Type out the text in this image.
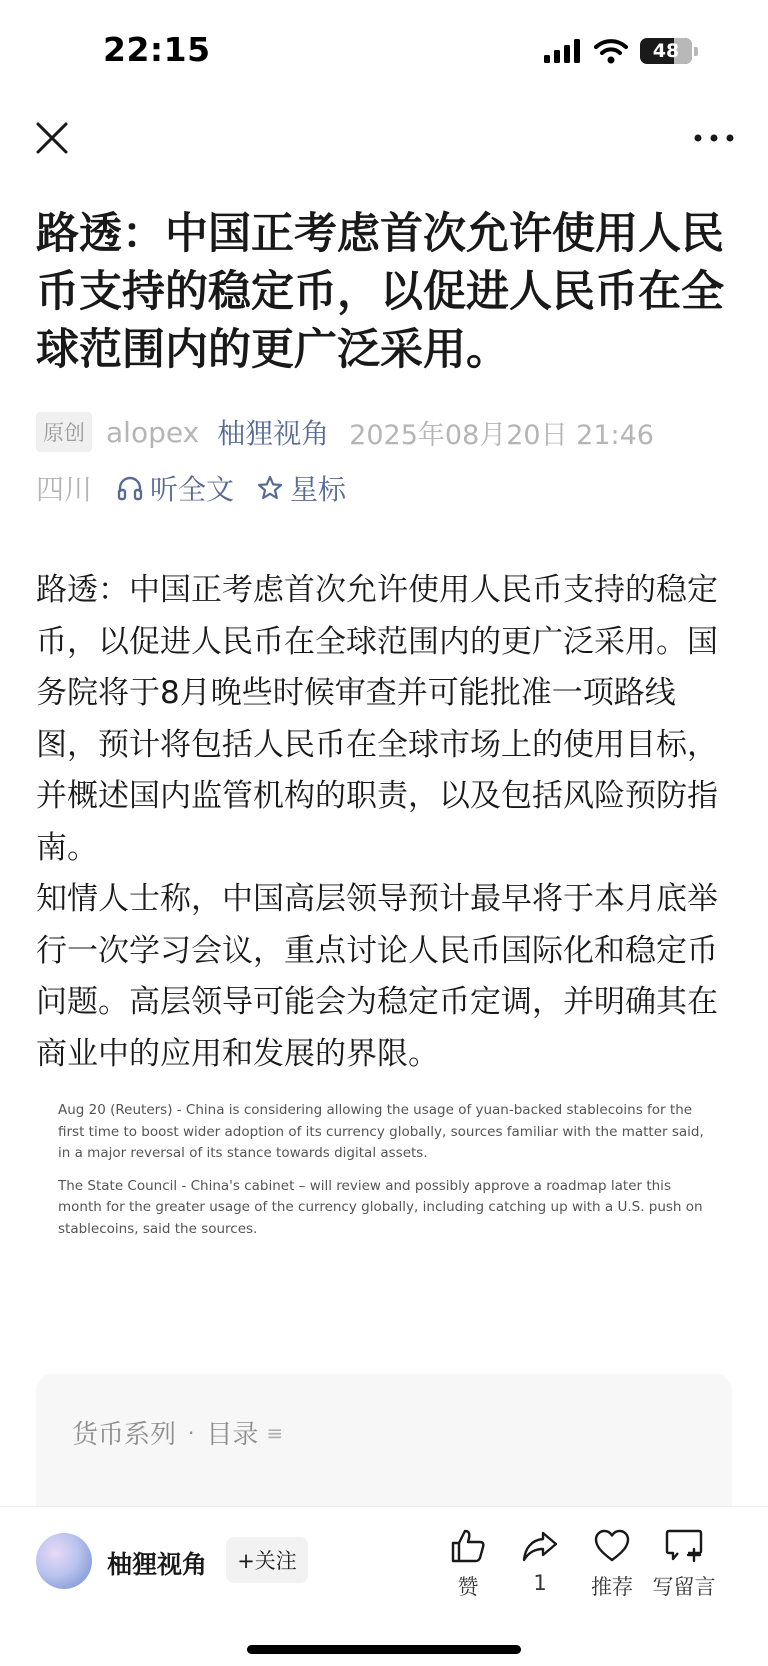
22:15	48
路透：中国正考虑首次允许使用人民币支持的稳定币，以促进人民币在全球范围内的更广泛采用。
原创 alopex 柚狸视角 2025年08月20日 21:46
四川 听全文 星标

路透：中国正考虑首次允许使用人民币支持的稳定币，以促进人民币在全球范围内的更广泛采用。国务院将于8月晚些时候审查并可能批准一项路线图，预计将包括人民币在全球市场上的使用目标，并概述国内监管机构的职责，以及包括风险预防指南。

知情人士称，中国高层领导预计最早将于本月底举行一次学习会议，重点讨论人民币国际化和稳定币问题。高层领导可能会为稳定币定调，并明确其在商业中的应用和发展的界限。

Aug 20 (Reuters) - China is considering allowing the usage of yuan-backed stablecoins for the first time to boost wider adoption of its currency globally, sources familiar with the matter said, in a major reversal of its stance towards digital assets.

The State Council - China's cabinet – will review and possibly approve a roadmap later this month for the greater usage of the currency globally, including catching up with a U.S. push on stablecoins, said the sources.

货币系列 · 目录 ≡
柚狸视角	+关注
赞	1 推荐 写留言
